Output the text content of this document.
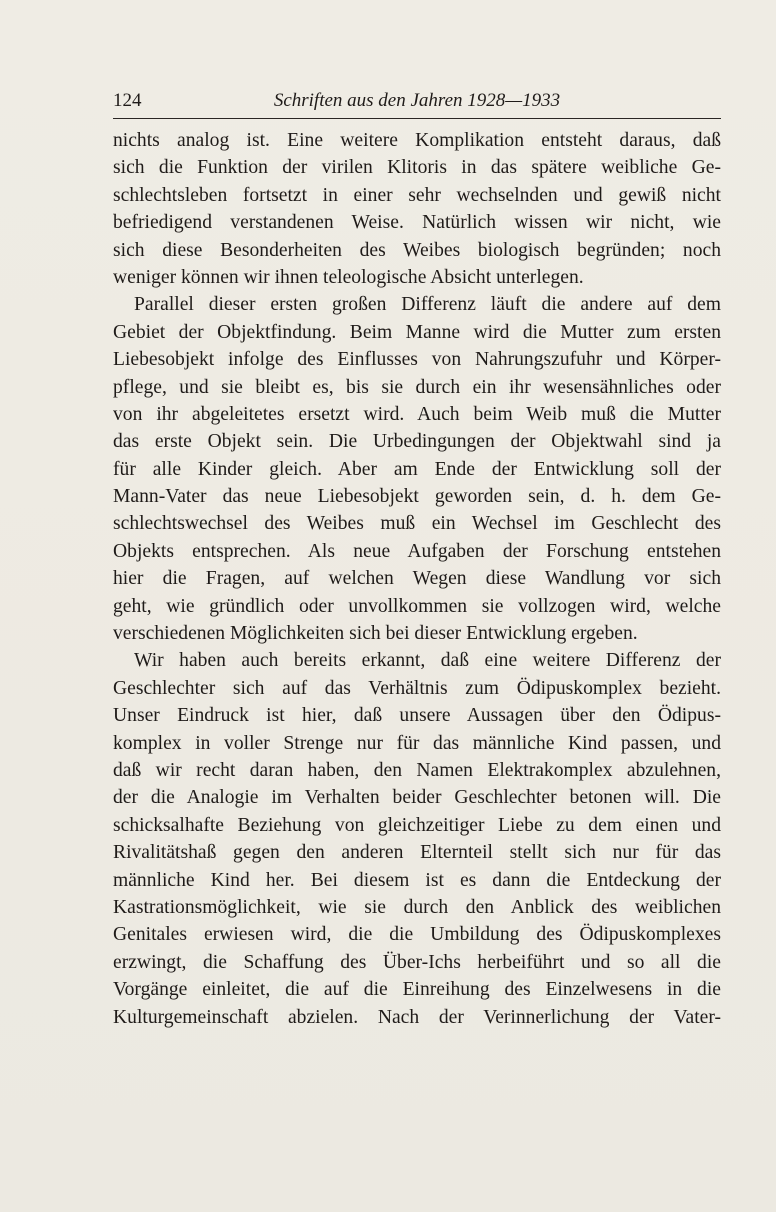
124	Schriften aus den Jahren 1928—1933
nichts analog ist. Eine weitere Komplikation entsteht daraus, daß
sich die Funktion der virilen Klitoris in das spätere weibliche Ge-
schlechtsleben fortsetzt in einer sehr wechselnden und gewiß nicht
befriedigend verstandenen Weise. Natürlich wissen wir nicht, wie
sich diese Besonderheiten des Weibes biologisch begründen; noch
weniger können wir ihnen teleologische Absicht unterlegen.
Parallel dieser ersten großen Differenz läuft die andere auf dem
Gebiet der Objektfindung. Beim Manne wird die Mutter zum ersten
Liebesobjekt infolge des Einflusses von Nahrungszufuhr und Körper-
pflege, und sie bleibt es, bis sie durch ein ihr wesensähnliches oder
von ihr abgeleitetes ersetzt wird. Auch beim Weib muß die Mutter
das erste Objekt sein. Die Urbedingungen der Objektwahl sind ja
für alle Kinder gleich. Aber am Ende der Entwicklung soll der
Mann-Vater das neue Liebesobjekt geworden sein, d. h. dem Ge-
schlechtswechsel des Weibes muß ein Wechsel im Geschlecht des
Objekts entsprechen. Als neue Aufgaben der Forschung entstehen
hier die Fragen, auf welchen Wegen diese Wandlung vor sich
geht, wie gründlich oder unvollkommen sie vollzogen wird, welche
verschiedenen Möglichkeiten sich bei dieser Entwicklung ergeben.
Wir haben auch bereits erkannt, daß eine weitere Differenz der
Geschlechter sich auf das Verhältnis zum Ödipuskomplex bezieht.
Unser Eindruck ist hier, daß unsere Aussagen über den Ödipus-
komplex in voller Strenge nur für das männliche Kind passen, und
daß wir recht daran haben, den Namen Elektrakomplex abzulehnen,
der die Analogie im Verhalten beider Geschlechter betonen will. Die
schicksalhafte Beziehung von gleichzeitiger Liebe zu dem einen und
Rivalitätshaß gegen den anderen Elternteil stellt sich nur für das
männliche Kind her. Bei diesem ist es dann die Entdeckung der
Kastrationsmöglichkeit, wie sie durch den Anblick des weiblichen
Genitales erwiesen wird, die die Umbildung des Ödipuskomplexes
erzwingt, die Schaffung des Über-Ichs herbeiführt und so all die
Vorgänge einleitet, die auf die Einreihung des Einzelwesens in die
Kulturgemeinschaft abzielen. Nach der Verinnerlichung der Vater-
